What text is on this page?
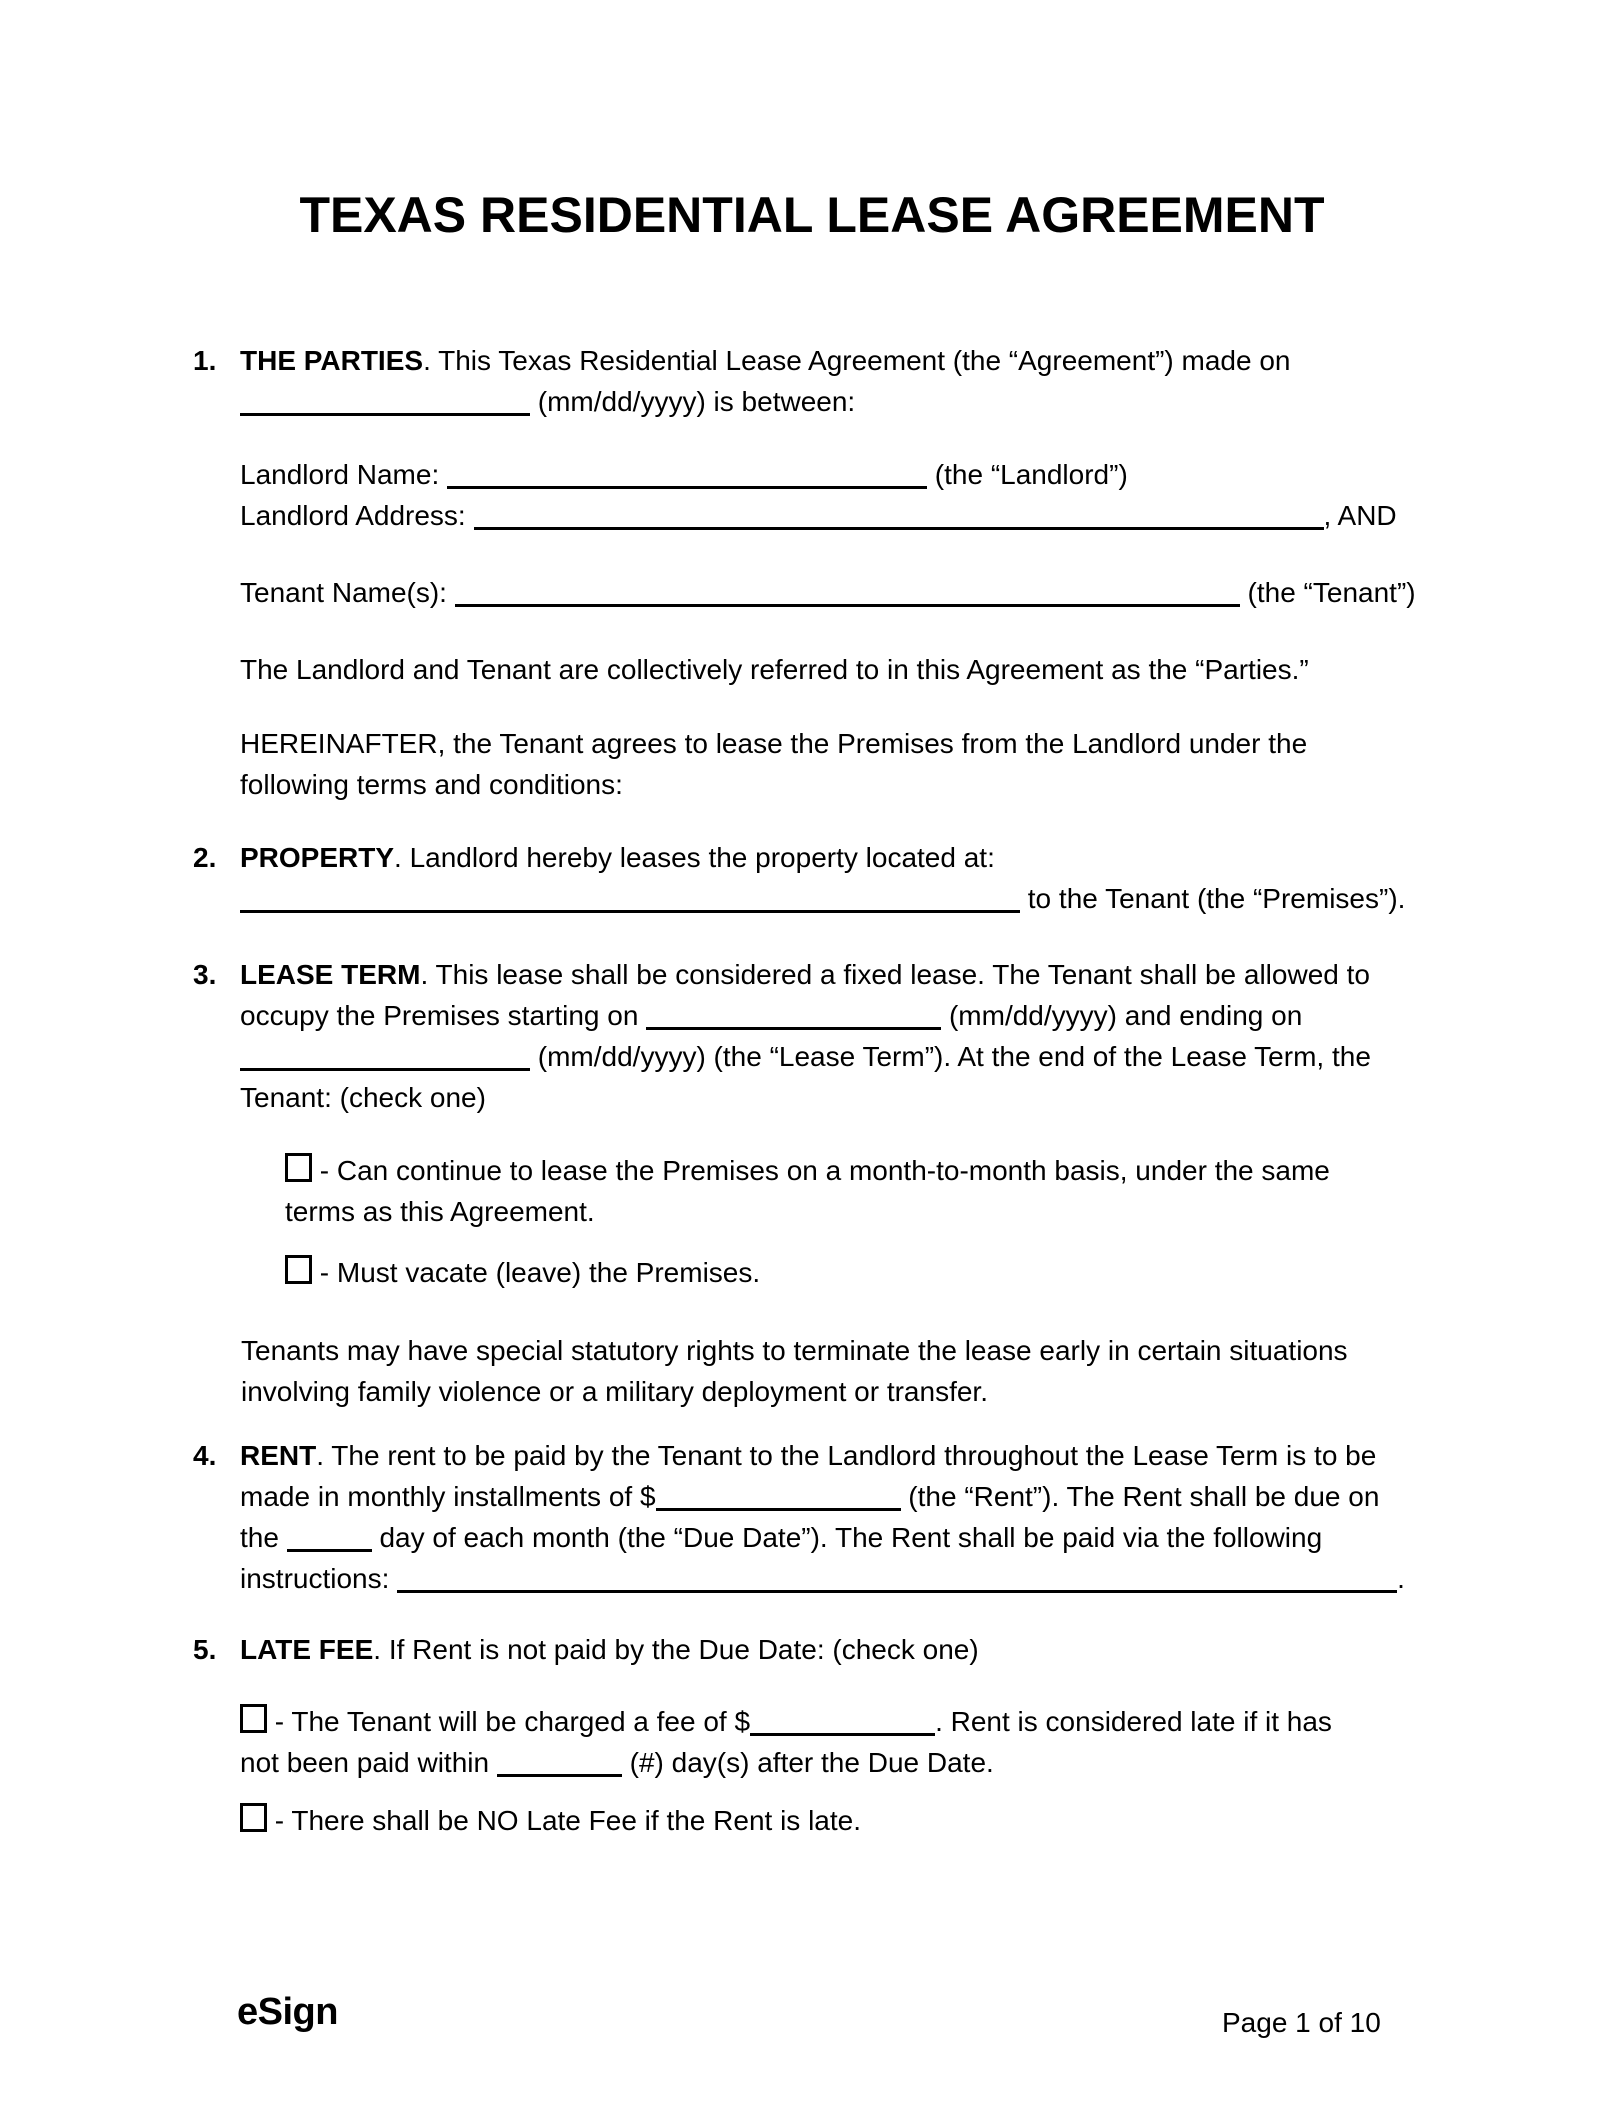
TEXAS RESIDENTIAL LEASE AGREEMENT
1. THE PARTIES. This Texas Residential Lease Agreement (the “Agreement”) made on
(mm/dd/yyyy) is between:
Landlord Name:	(the “Landlord”)
Landlord Address:	, AND
Tenant Name(s):	(the “Tenant”)
The Landlord and Tenant are collectively referred to in this Agreement as the “Parties.”
HEREINAFTER, the Tenant agrees to lease the Premises from the Landlord under the
following terms and conditions:
2. PROPERTY. Landlord hereby leases the property located at:
to the Tenant (the “Premises”).
3. LEASE TERM. This lease shall be considered a fixed lease. The Tenant shall be allowed to
occupy the Premises starting on	(mm/dd/yyyy) and ending on
(mm/dd/yyyy) (the “Lease Term”). At the end of the Lease Term, the
Tenant: (check one)
- Can continue to lease the Premises on a month-to-month basis, under the same
terms as this Agreement.
- Must vacate (leave) the Premises.
Tenants may have special statutory rights to terminate the lease early in certain situations
involving family violence or a military deployment or transfer.
4. RENT. The rent to be paid by the Tenant to the Landlord throughout the Lease Term is to be
made in monthly installments of $	(the “Rent”). The Rent shall be due on
the	day of each month (the “Due Date”). The Rent shall be paid via the following
instructions:	.
5. LATE FEE. If Rent is not paid by the Due Date: (check one)
- The Tenant will be charged a fee of $	. Rent is considered late if it has
not been paid within	(#) day(s) after the Due Date.
- There shall be NO Late Fee if the Rent is late.
eSign	Page 1 of 10
